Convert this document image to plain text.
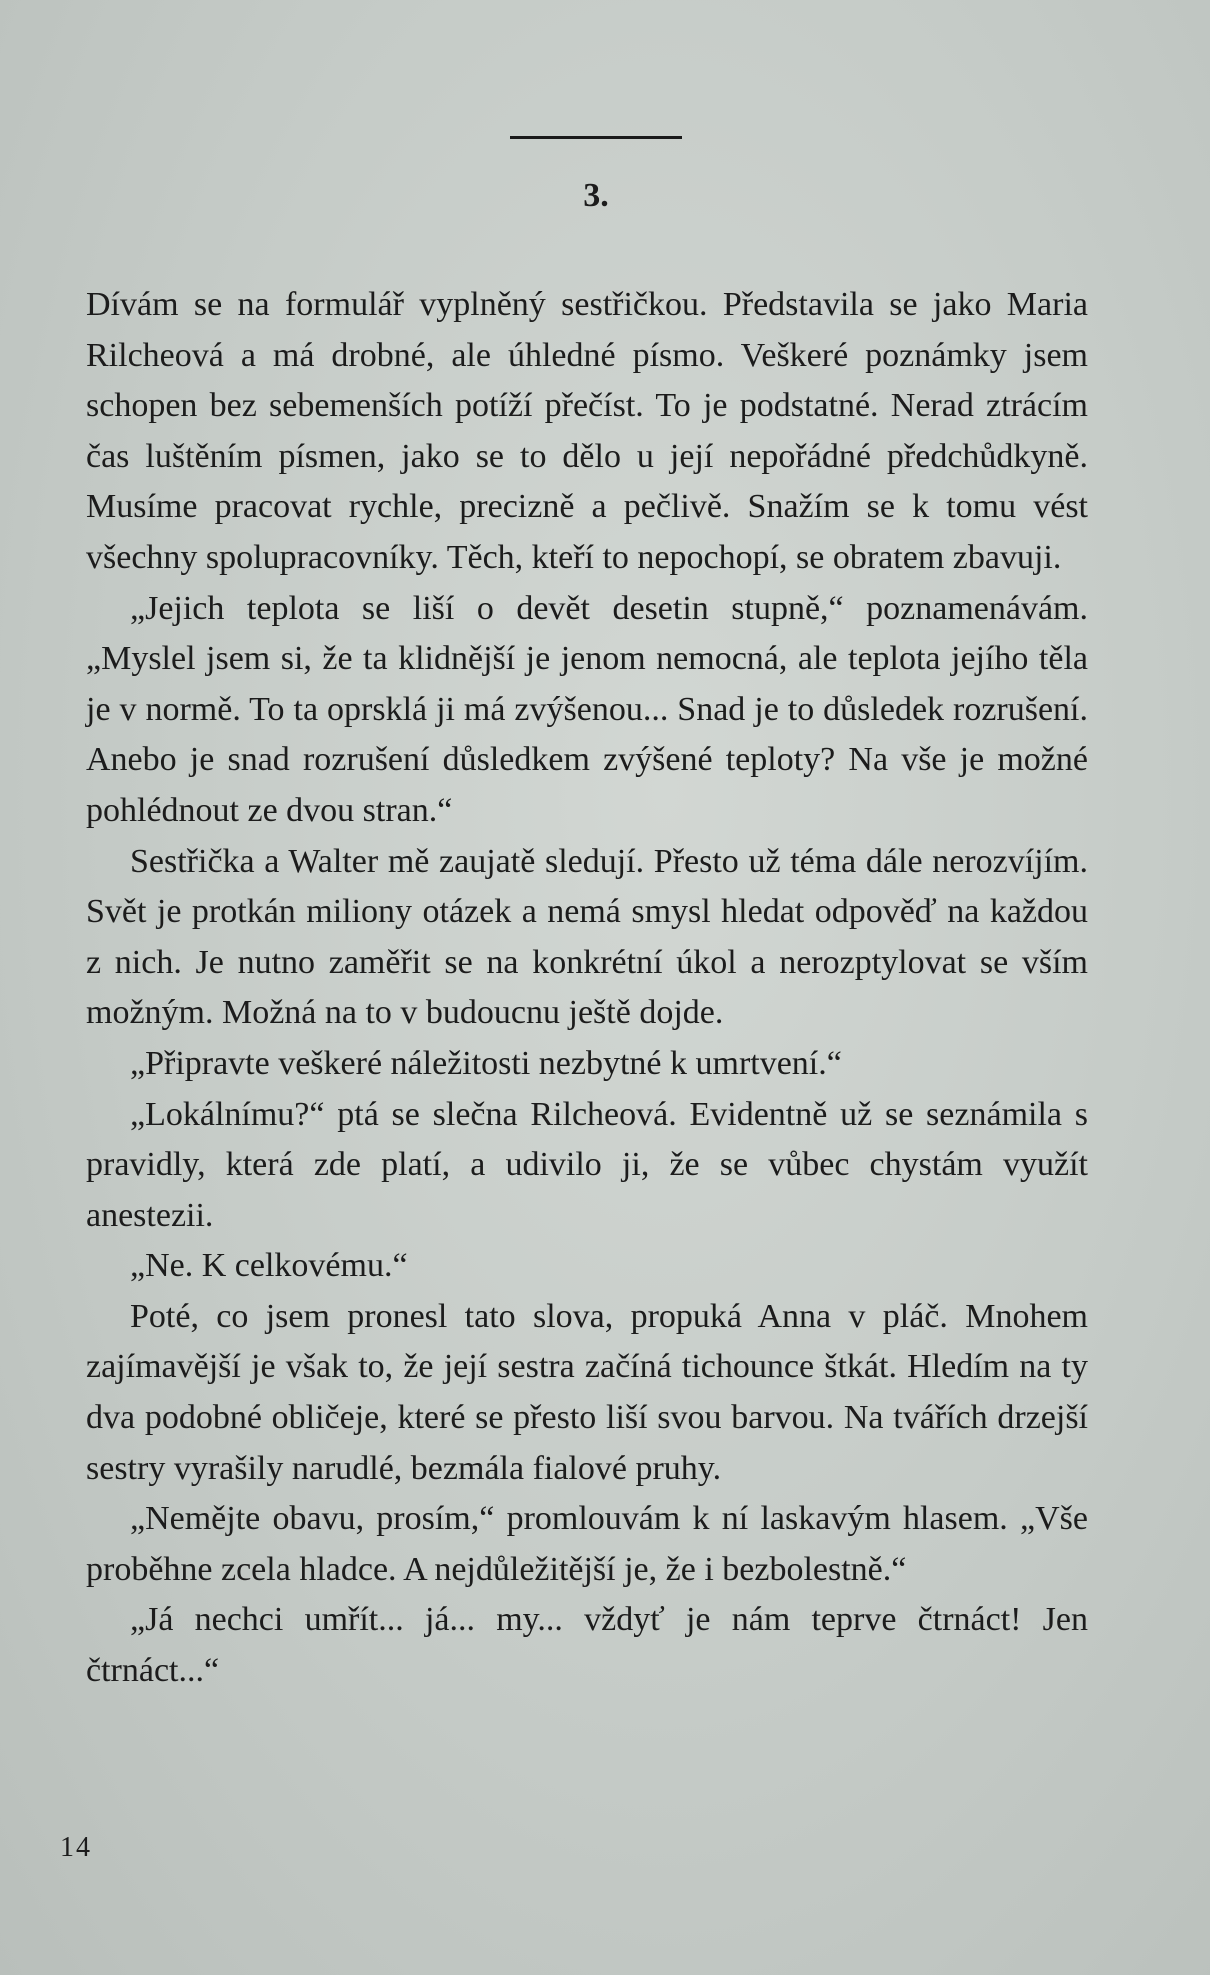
3.

Dívám se na formulář vyplněný sestřičkou. Představila se jako Maria Rilcheová a má drobné, ale úhledné písmo. Veškeré poznámky jsem schopen bez sebemenších potíží přečíst. To je podstatné. Nerad ztrácím čas luštěním písmen, jako se to dělo u její nepořádné předchůdkyně. Musíme pracovat rychle, precizně a pečlivě. Snažím se k tomu vést všechny spolupracovníky. Těch, kteří to nepochopí, se obratem zbavuji.

„Jejich teplota se liší o devět desetin stupně,“ poznamenávám. „Myslel jsem si, že ta klidnější je jenom nemocná, ale teplota jejího těla je v normě. To ta oprsklá ji má zvýšenou... Snad je to důsledek rozrušení. Anebo je snad rozrušení důsledkem zvýšené teploty? Na vše je možné pohlédnout ze dvou stran.“

Sestřička a Walter mě zaujatě sledují. Přesto už téma dále nerozvíjím. Svět je protkán miliony otázek a nemá smysl hledat odpověď na každou z nich. Je nutno zaměřit se na konkrétní úkol a nerozptylovat se vším možným. Možná na to v budoucnu ještě dojde.

„Připravte veškeré náležitosti nezbytné k umrtvení.“

„Lokálnímu?“ ptá se slečna Rilcheová. Evidentně už se seznámila s pravidly, která zde platí, a udivilo ji, že se vůbec chystám využít anestezii.

„Ne. K celkovému.“

Poté, co jsem pronesl tato slova, propuká Anna v pláč. Mnohem zajímavější je však to, že její sestra začíná tichounce štkát. Hledím na ty dva podobné obličeje, které se přesto liší svou barvou. Na tvářích drzejší sestry vyrašily narudlé, bezmála fialové pruhy.

„Nemějte obavu, prosím,“ promlouvám k ní laskavým hlasem. „Vše proběhne zcela hladce. A nejdůležitější je, že i bezbolestně.“

„Já nechci umřít... já... my... vždyť je nám teprve čtrnáct! Jen čtrnáct...“

14
